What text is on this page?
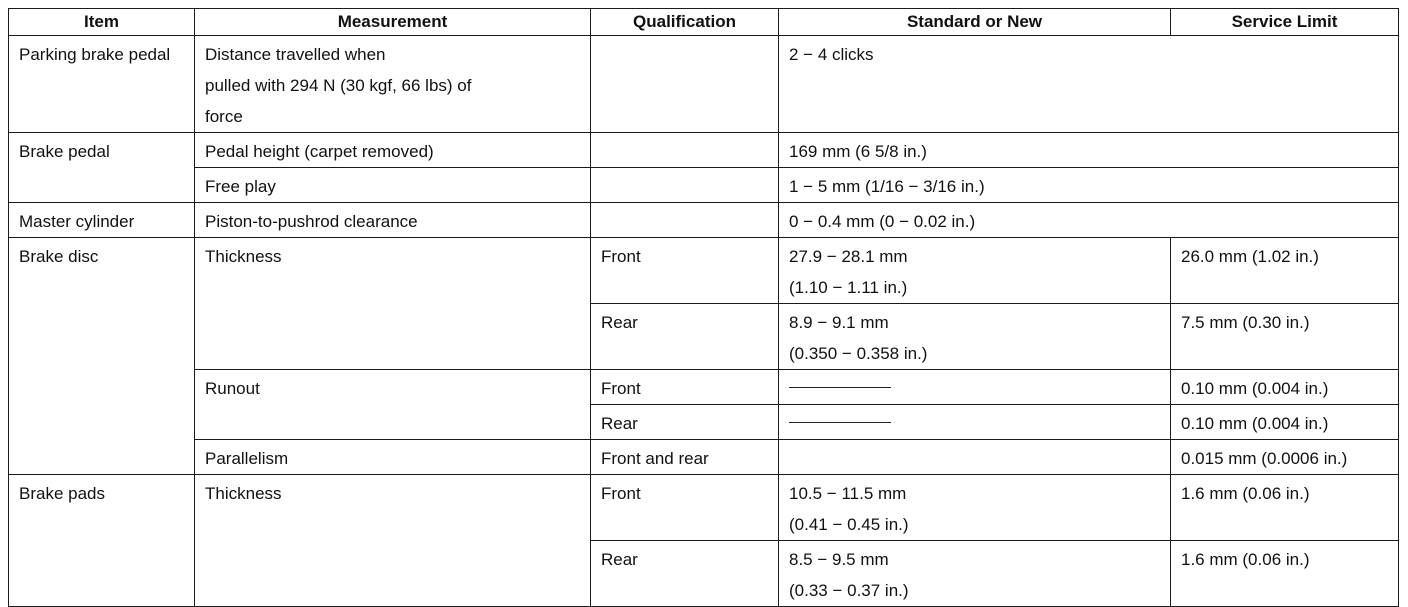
Item	Measurement	Qualification	Standard or New	Service Limit
Parking brake pedal	Distance travelled when
pulled with 294 N (30 kgf, 66 lbs) of
force		2 − 4 clicks	
Brake pedal	Pedal height (carpet removed)		169 mm (6 5/8 in.)	
	Free play		1 − 5 mm (1/16 − 3/16 in.)	
Master cylinder	Piston-to-pushrod clearance		0 − 0.4 mm (0 − 0.02 in.)	
Brake disc	Thickness	Front	27.9 − 28.1 mm
(1.10 − 1.11 in.)	26.0 mm (1.02 in.)
		Rear	8.9 − 9.1 mm
(0.350 − 0.358 in.)	7.5 mm (0.30 in.)
	Runout	Front		0.10 mm (0.004 in.)
		Rear		0.10 mm (0.004 in.)
	Parallelism	Front and rear		0.015 mm (0.0006 in.)
Brake pads	Thickness	Front	10.5 − 11.5 mm
(0.41 − 0.45 in.)	1.6 mm (0.06 in.)
		Rear	8.5 − 9.5 mm
(0.33 − 0.37 in.)	1.6 mm (0.06 in.)
